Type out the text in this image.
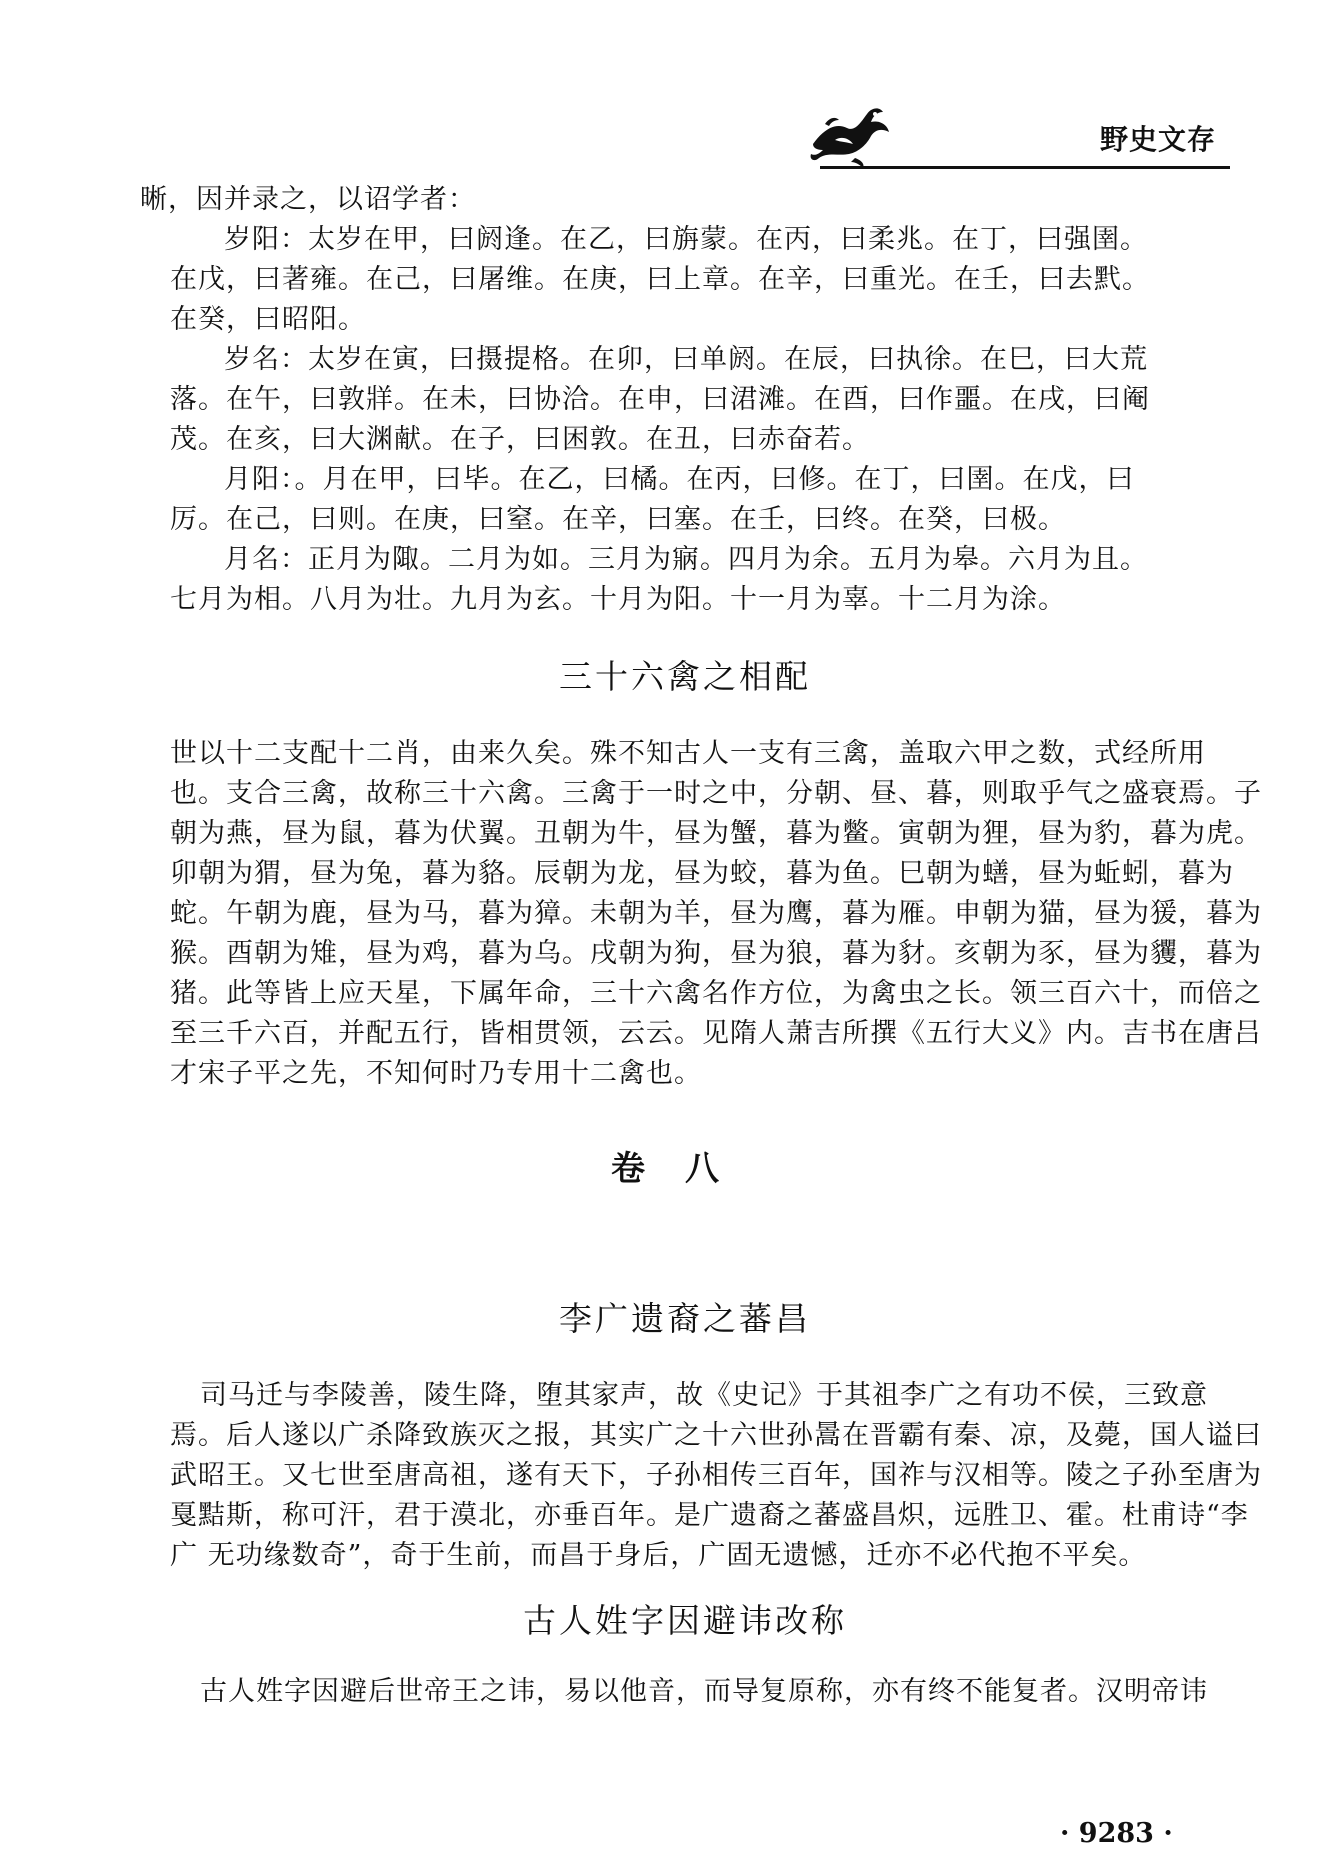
野史文存
晰，因并录之，以诏学者：
岁阳：太岁在甲，曰阏逢。在乙，曰旃蒙。在丙，曰柔兆。在丁，曰强圉。
在戊，曰著雍。在己，曰屠维。在庚，曰上章。在辛，曰重光。在壬，曰去黓。
在癸，曰昭阳。
岁名：太岁在寅，曰摄提格。在卯，曰单阏。在辰，曰执徐。在巳，曰大荒
落。在午，曰敦牂。在未，曰协洽。在申，曰涒滩。在酉，曰作噩。在戌，曰阉
茂。在亥，曰大渊献。在子，曰困敦。在丑，曰赤奋若。
月阳：。月在甲，曰毕。在乙，曰橘。在丙，曰修。在丁，曰圉。在戊，曰
厉。在己，曰则。在庚，曰窒。在辛，曰塞。在壬，曰终。在癸，曰极。
月名：正月为陬。二月为如。三月为寎。四月为余。五月为皋。六月为且。
七月为相。八月为壮。九月为玄。十月为阳。十一月为辜。十二月为涂。
三十六禽之相配
世以十二支配十二肖，由来久矣。殊不知古人一支有三禽，盖取六甲之数，式经所用
也。支合三禽，故称三十六禽。三禽于一时之中，分朝、昼、暮，则取乎气之盛衰焉。子
朝为燕，昼为鼠，暮为伏翼。丑朝为牛，昼为蟹，暮为鳖。寅朝为狸，昼为豹，暮为虎。
卯朝为猬，昼为兔，暮为貉。辰朝为龙，昼为蛟，暮为鱼。巳朝为蟮，昼为蚯蚓，暮为
蛇。午朝为鹿，昼为马，暮为獐。未朝为羊，昼为鹰，暮为雁。申朝为猫，昼为猨，暮为
猴。酉朝为雉，昼为鸡，暮为乌。戌朝为狗，昼为狼，暮为豺。亥朝为豕，昼为貜，暮为
猪。此等皆上应天星，下属年命，三十六禽名作方位，为禽虫之长。领三百六十，而倍之
至三千六百，并配五行，皆相贯领，云云。见隋人萧吉所撰《五行大义》内。吉书在唐吕
才宋子平之先，不知何时乃专用十二禽也。
卷八
李广遗裔之蕃昌
司马迁与李陵善，陵生降，堕其家声，故《史记》于其祖李广之有功不侯，三致意
焉。后人遂以广杀降致族灭之报，其实广之十六世孙暠在晋霸有秦、凉，及薨，国人谥曰
武昭王。又七世至唐高祖，遂有天下，子孙相传三百年，国祚与汉相等。陵之子孙至唐为
戛黠斯，称可汗，君于漠北，亦垂百年。是广遗裔之蕃盛昌炽，远胜卫、霍。杜甫诗“李
广 无功缘数奇”，奇于生前，而昌于身后，广固无遗憾，迁亦不必代抱不平矣。
古人姓字因避讳改称
古人姓字因避后世帝王之讳，易以他音，而导复原称，亦有终不能复者。汉明帝讳
· 9283 ·
